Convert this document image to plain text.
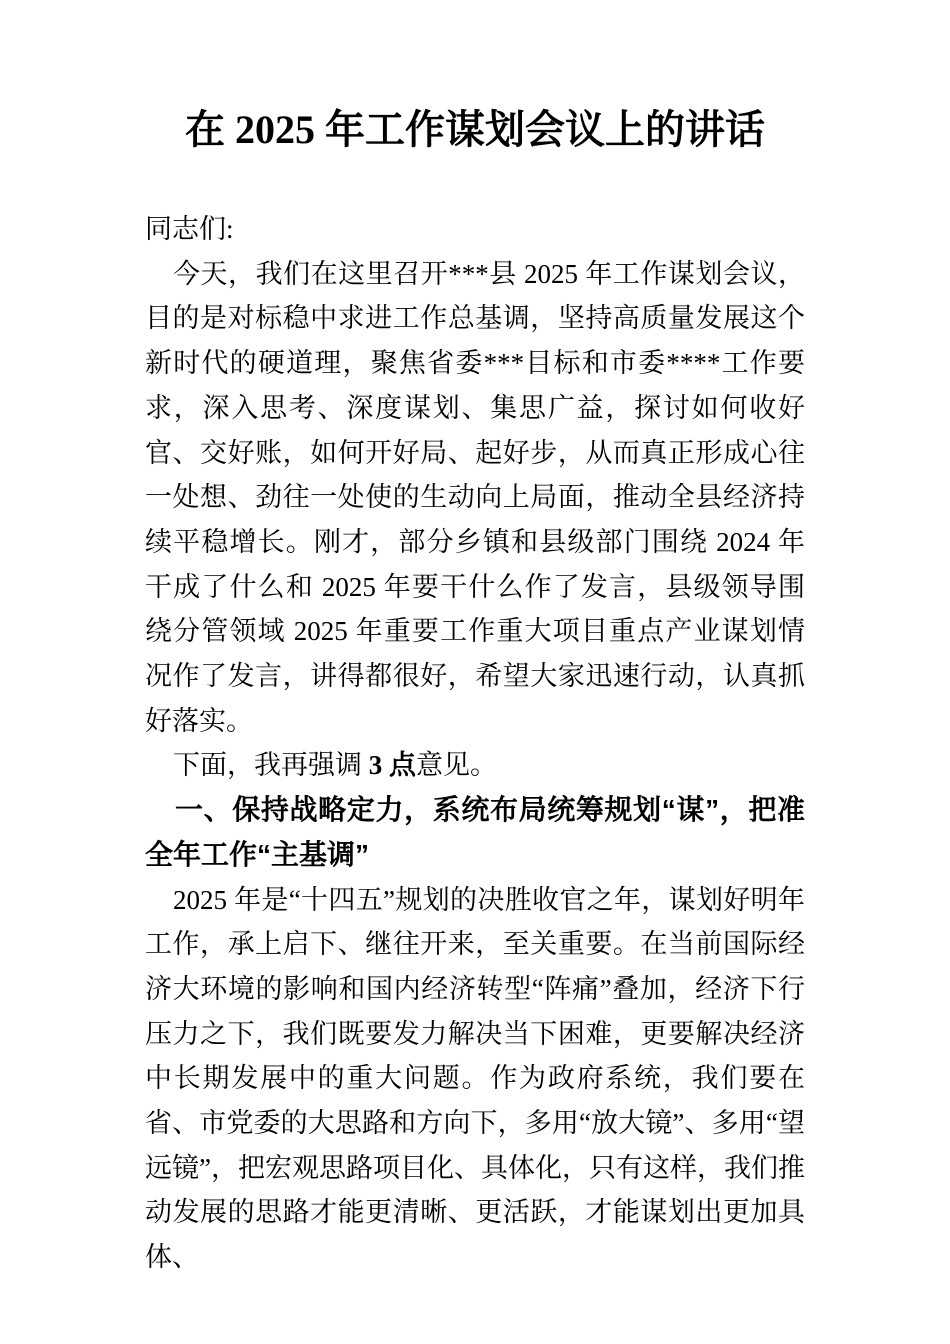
在 2025 年工作谋划会议上的讲话

同志们:

今天，我们在这里召开***县 2025 年工作谋划会议，目的是对标稳中求进工作总基调，坚持高质量发展这个新时代的硬道理，聚焦省委***目标和市委****工作要求，深入思考、深度谋划、集思广益，探讨如何收好官、交好账，如何开好局、起好步，从而真正形成心往一处想、劲往一处使的生动向上局面，推动全县经济持续平稳增长。刚才，部分乡镇和县级部门围绕 2024 年干成了什么和 2025 年要干什么作了发言，县级领导围绕分管领域 2025 年重要工作重大项目重点产业谋划情况作了发言，讲得都很好，希望大家迅速行动，认真抓好落实。

下面，我再强调 3 点意见。

一、保持战略定力，系统布局统筹规划“谋”，把准全年工作“主基调”

2025 年是“十四五”规划的决胜收官之年，谋划好明年工作，承上启下、继往开来，至关重要。在当前国际经济大环境的影响和国内经济转型“阵痛”叠加，经济下行压力之下，我们既要发力解决当下困难，更要解决经济中长期发展中的重大问题。作为政府系统，我们要在省、市党委的大思路和方向下，多用“放大镜”、多用“望远镜”，把宏观思路项目化、具体化，只有这样，我们推动发展的思路才能更清晰、更活跃，才能谋划出更加具体、
